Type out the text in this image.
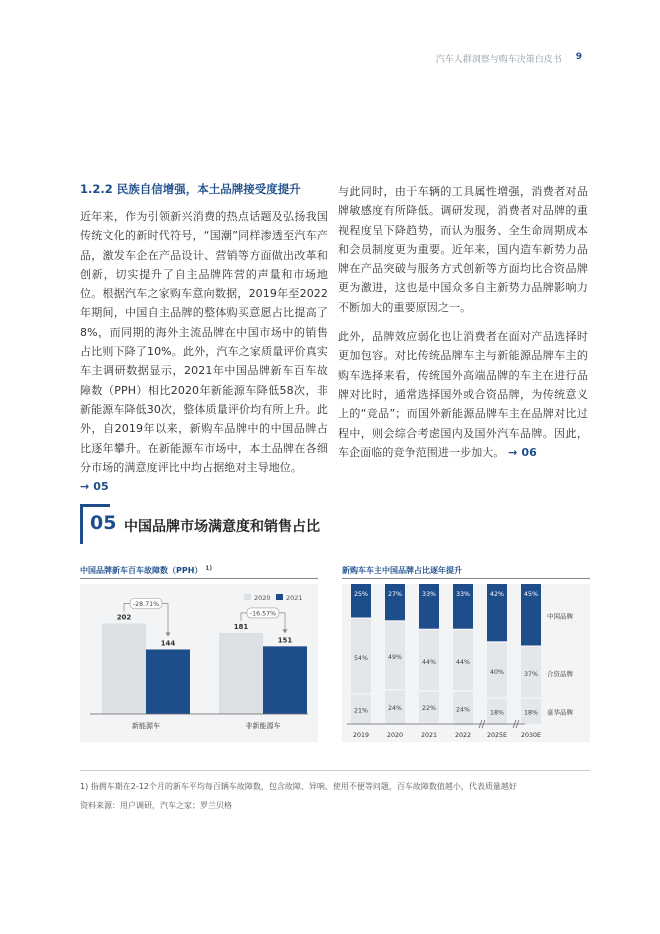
汽车人群洞察与购车决策白皮书 9
1.2.2 民族自信增强，本土品牌接受度提升

近年来，作为引领新兴消费的热点话题及弘扬我国传统文化的新时代符号，“国潮”同样渗透至汽车产品，激发车企在产品设计、营销等方面做出改革和创新，切实提升了自主品牌阵营的声量和市场地位。根据汽车之家购车意向数据，2019年至2022年期间，中国自主品牌的整体购买意愿占比提高了8%，而同期的海外主流品牌在中国市场中的销售占比则下降了10%。此外，汽车之家质量评价真实车主调研数据显示，2021年中国品牌新车百车故障数（PPH）相比2020年新能源车降低58次，非新能源车降低30次，整体质量评价均有所上升。此外，自2019年以来，新购车品牌中的中国品牌占比逐年攀升。在新能源车市场中，本土品牌在各细分市场的满意度评比中均占据绝对主导地位。

→ 05

与此同时，由于车辆的工具属性增强，消费者对品牌敏感度有所降低。调研发现，消费者对品牌的重视程度呈下降趋势，而认为服务、全生命周期成本和会员制度更为重要。近年来，国内造车新势力品牌在产品突破与服务方式创新等方面均比合资品牌更为激进，这也是中国众多自主新势力品牌影响力不断加大的重要原因之一。

此外，品牌效应弱化也让消费者在面对产品选择时更加包容。对比传统品牌车主与新能源品牌车主的购车选择来看，传统国外高端品牌的车主在进行品牌对比时，通常选择国外或合资品牌，为传统意义上的“竞品”；而国外新能源品牌车主在品牌对比过程中，则会综合考虑国内及国外汽车品牌。因此，车企面临的竞争范围进一步加大。 → 06

05 中国品牌市场满意度和销售占比
中国品牌新车百车故障数（PPH） $^{1)}$
2020 2021
202
144
-28.71%
新能源车
181
151
-16.57%
非新能源车
新购车车主中国品牌占比逐年提升
25%
54%
21%
2019
27%
49%
24%
2020
33%
44%
22%
2021
33%
44%
24%
2022
42%
40%
18%
2025E
45%
37%
18%
2030E
中国品牌
合资品牌
豪华品牌
1) 指拥车期在2-12个月的新车平均每百辆车故障数，包含故障、异响、使用不便等问题，百车故障数值越小，代表质量越好
资料来源：用户调研，汽车之家；罗兰贝格
